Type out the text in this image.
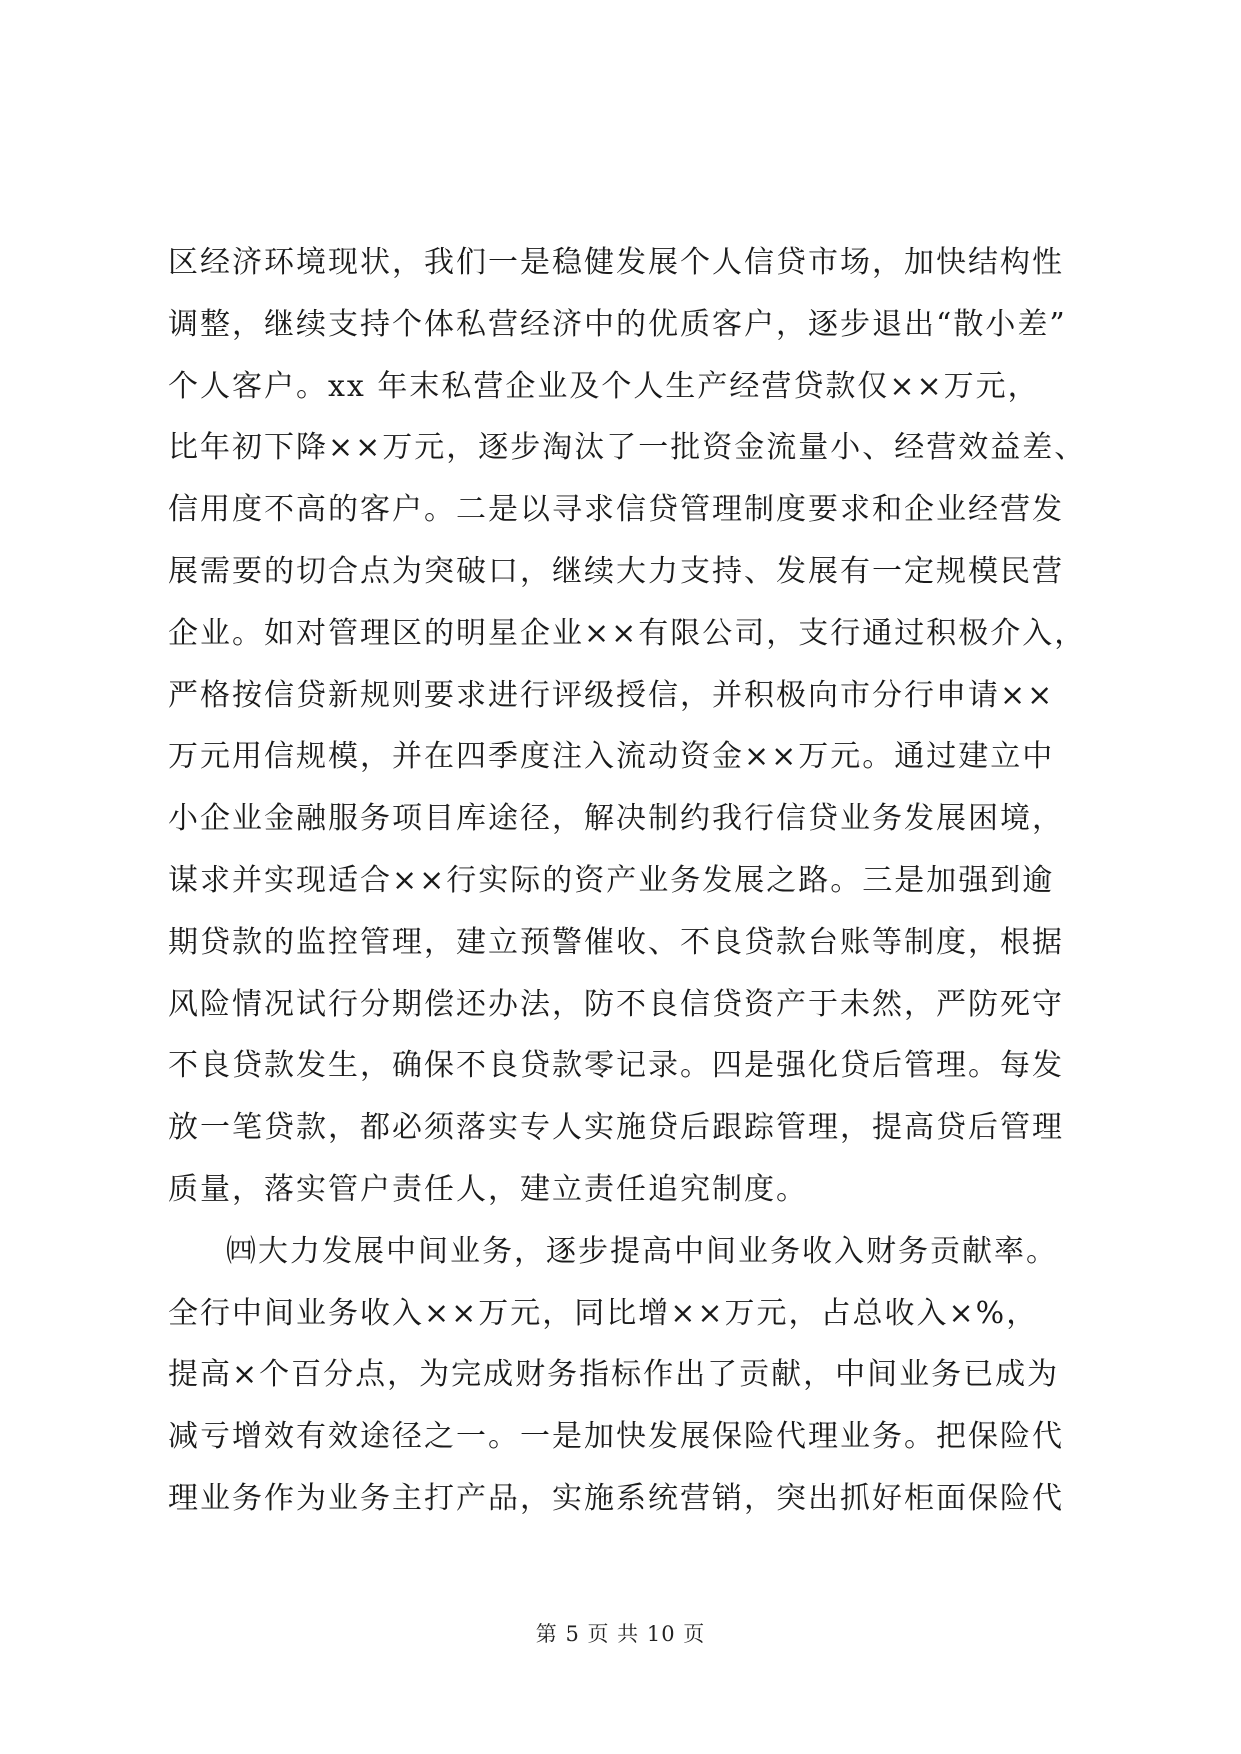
区经济环境现状，我们一是稳健发展个人信贷市场，加快结构性
调整，继续支持个体私营经济中的优质客户，逐步退出“散小差”
个人客户。xx 年末私营企业及个人生产经营贷款仅××万元，
比年初下降××万元，逐步淘汰了一批资金流量小、经营效益差、
信用度不高的客户。二是以寻求信贷管理制度要求和企业经营发
展需要的切合点为突破口，继续大力支持、发展有一定规模民营
企业。如对管理区的明星企业××有限公司，支行通过积极介入，
严格按信贷新规则要求进行评级授信，并积极向市分行申请××
万元用信规模，并在四季度注入流动资金××万元。通过建立中
小企业金融服务项目库途径，解决制约我行信贷业务发展困境，
谋求并实现适合××行实际的资产业务发展之路。三是加强到逾
期贷款的监控管理，建立预警催收、不良贷款台账等制度，根据
风险情况试行分期偿还办法，防不良信贷资产于未然，严防死守
不良贷款发生，确保不良贷款零记录。四是强化贷后管理。每发
放一笔贷款，都必须落实专人实施贷后跟踪管理，提高贷后管理
质量，落实管户责任人，建立责任追究制度。
㈣大力发展中间业务，逐步提高中间业务收入财务贡献率。
全行中间业务收入××万元，同比增××万元，占总收入×%，
提高×个百分点，为完成财务指标作出了贡献，中间业务已成为
减亏增效有效途径之一。一是加快发展保险代理业务。把保险代
理业务作为业务主打产品，实施系统营销，突出抓好柜面保险代
第 5 页 共 10 页
